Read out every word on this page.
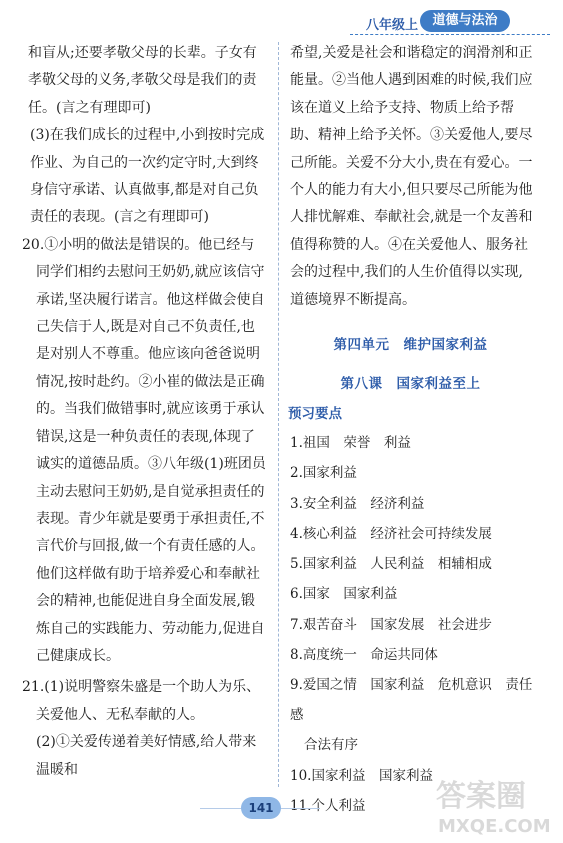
八年级上	道德与法治

和盲从;还要孝敬父母的长辈。子女有孝敬父母的义务,孝敬父母是我们的责任。(言之有理即可)

(3)在我们成长的过程中,小到按时完成作业、为自己的一次约定守时,大到终身信守承诺、认真做事,都是对自己负责任的表现。(言之有理即可)

20.①小明的做法是错误的。他已经与同学们相约去慰问王奶奶,就应该信守承诺,坚决履行诺言。他这样做会使自己失信于人,既是对自己不负责任,也是对别人不尊重。他应该向爸爸说明情况,按时赴约。②小崔的做法是正确的。当我们做错事时,就应该勇于承认错误,这是一种负责任的表现,体现了诚实的道德品质。③八年级(1)班团员主动去慰问王奶奶,是自觉承担责任的表现。青少年就是要勇于承担责任,不言代价与回报,做一个有责任感的人。他们这样做有助于培养爱心和奉献社会的精神,也能促进自身全面发展,锻炼自己的实践能力、劳动能力,促进自己健康成长。

21.(1)说明警察朱盛是一个助人为乐、关爱他人、无私奉献的人。

(2)①关爱传递着美好情感,给人带来温暖和

希望,关爱是社会和谐稳定的润滑剂和正能量。②当他人遇到困难的时候,我们应该在道义上给予支持、物质上给予帮助、精神上给予关怀。③关爱他人,要尽己所能。关爱不分大小,贵在有爱心。一个人的能力有大小,但只要尽己所能为他人排忧解难、奉献社会,就是一个友善和值得称赞的人。④在关爱他人、服务社会的过程中,我们的人生价值得以实现,道德境界不断提高。

第四单元　维护国家利益

第八课　国家利益至上

预习要点

1.祖国　荣誉　利益

2.国家利益

3.安全利益　经济利益

4.核心利益　经济社会可持续发展

5.国家利益　人民利益　相辅相成

6.国家　国家利益

7.艰苦奋斗　国家发展　社会进步

8.高度统一　命运共同体

9.爱国之情　国家利益　危机意识　责任感

合法有序

10.国家利益　国家利益

11.个人利益

141	答案圈
MXQE.COM
